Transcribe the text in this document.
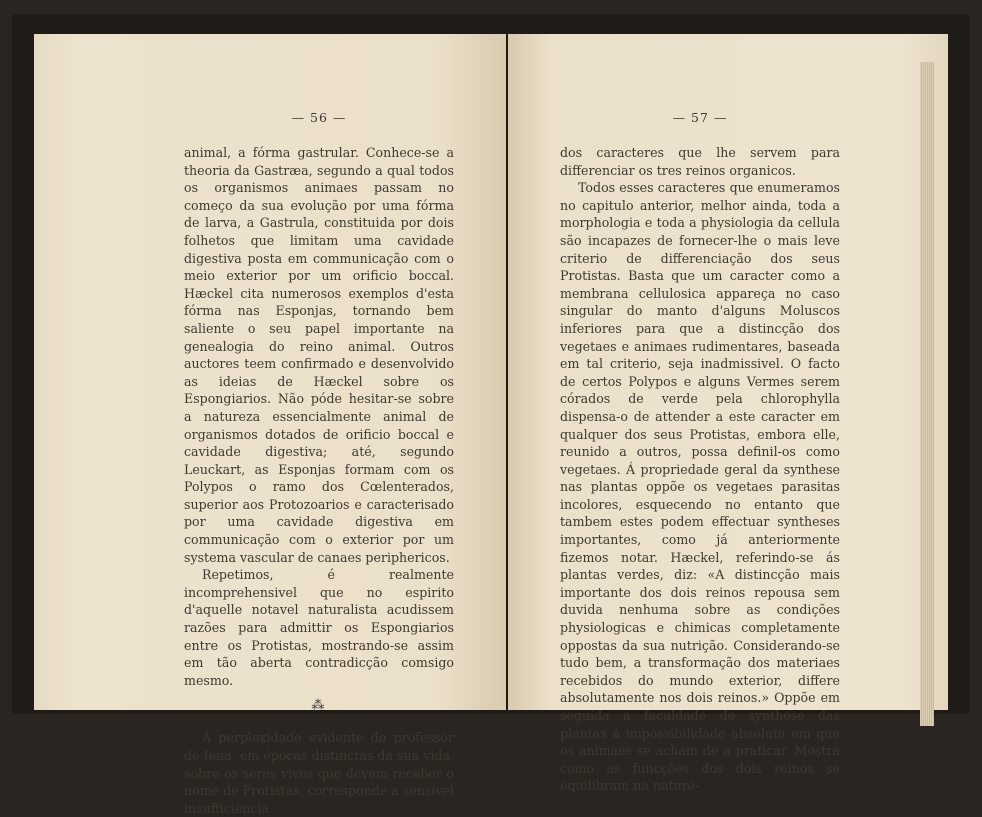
— 56 —

animal, a fórma gastrular. Conhece-se a theoria da Gastræa, segundo a qual todos os organismos animaes passam no começo da sua evolução por uma fórma de larva, a Gastrula, constituida por dois folhetos que limitam uma cavidade digestiva posta em communicação com o meio exterior por um orificio boccal. Hæckel cita numerosos exemplos d'esta fórma nas Esponjas, tornando bem saliente o seu papel importante na genealogia do reino animal. Outros auctores teem confirmado e desenvolvido as ideias de Hæckel sobre os Espongiarios. Não póde hesitar-se sobre a natureza essencialmente animal de organismos dotados de orificio boccal e cavidade digestiva; até, segundo Leuckart, as Esponjas formam com os Polypos o ramo dos Cœlenterados, superior aos Protozoarios e caracterisado por uma cavidade digestiva em communicação com o exterior por um systema vascular de canaes periphericos.

Repetimos, é realmente incomprehensivel que no espirito d'aquelle notavel naturalista acudissem razões para admittir os Espongiarios entre os Protistas, mostrando-se assim em tão aberta contradicção comsigo mesmo.

⁂

Á perplexidade evidente do professor de Iena, em épocas distinctas da sua vida, sobre os seres vivos que devem receber o nome de Protistas, corresponde a sensivel insufficiencia

— 57 —

dos caracteres que lhe servem para differenciar os tres reinos organicos.

Todos esses caracteres que enumeramos no capitulo anterior, melhor ainda, toda a morphologia e toda a physiologia da cellula são incapazes de fornecer-lhe o mais leve criterio de differenciação dos seus Protistas. Basta que um caracter como a membrana cellulosica appareça no caso singular do manto d'alguns Moluscos inferiores para que a distincção dos vegetaes e animaes rudimentares, baseada em tal criterio, seja inadmissivel. O facto de certos Polypos e alguns Vermes serem córados de verde pela chlorophylla dispensa-o de attender a este caracter em qualquer dos seus Protistas, embora elle, reunido a outros, possa definil-os como vegetaes. Á propriedade geral da synthese nas plantas oppõe os vegetaes parasitas incolores, esquecendo no entanto que tambem estes podem effectuar syntheses importantes, como já anteriormente fizemos notar. Hæckel, referindo-se ás plantas verdes, diz: «A distincção mais importante dos dois reinos repousa sem duvida nenhuma sobre as condições physiologicas e chimicas completamente oppostas da sua nutrição. Considerando-se tudo bem, a transformação dos materiaes recebidos do mundo exterior, differe absolutamente nos dois reinos.» Oppõe em seguida a faculdade de synthese das plantas á impossibilidade absoluta em que os animaes se acham de a praticar. Mostra como as funcções dos dois reinos se equilibram na nature-
